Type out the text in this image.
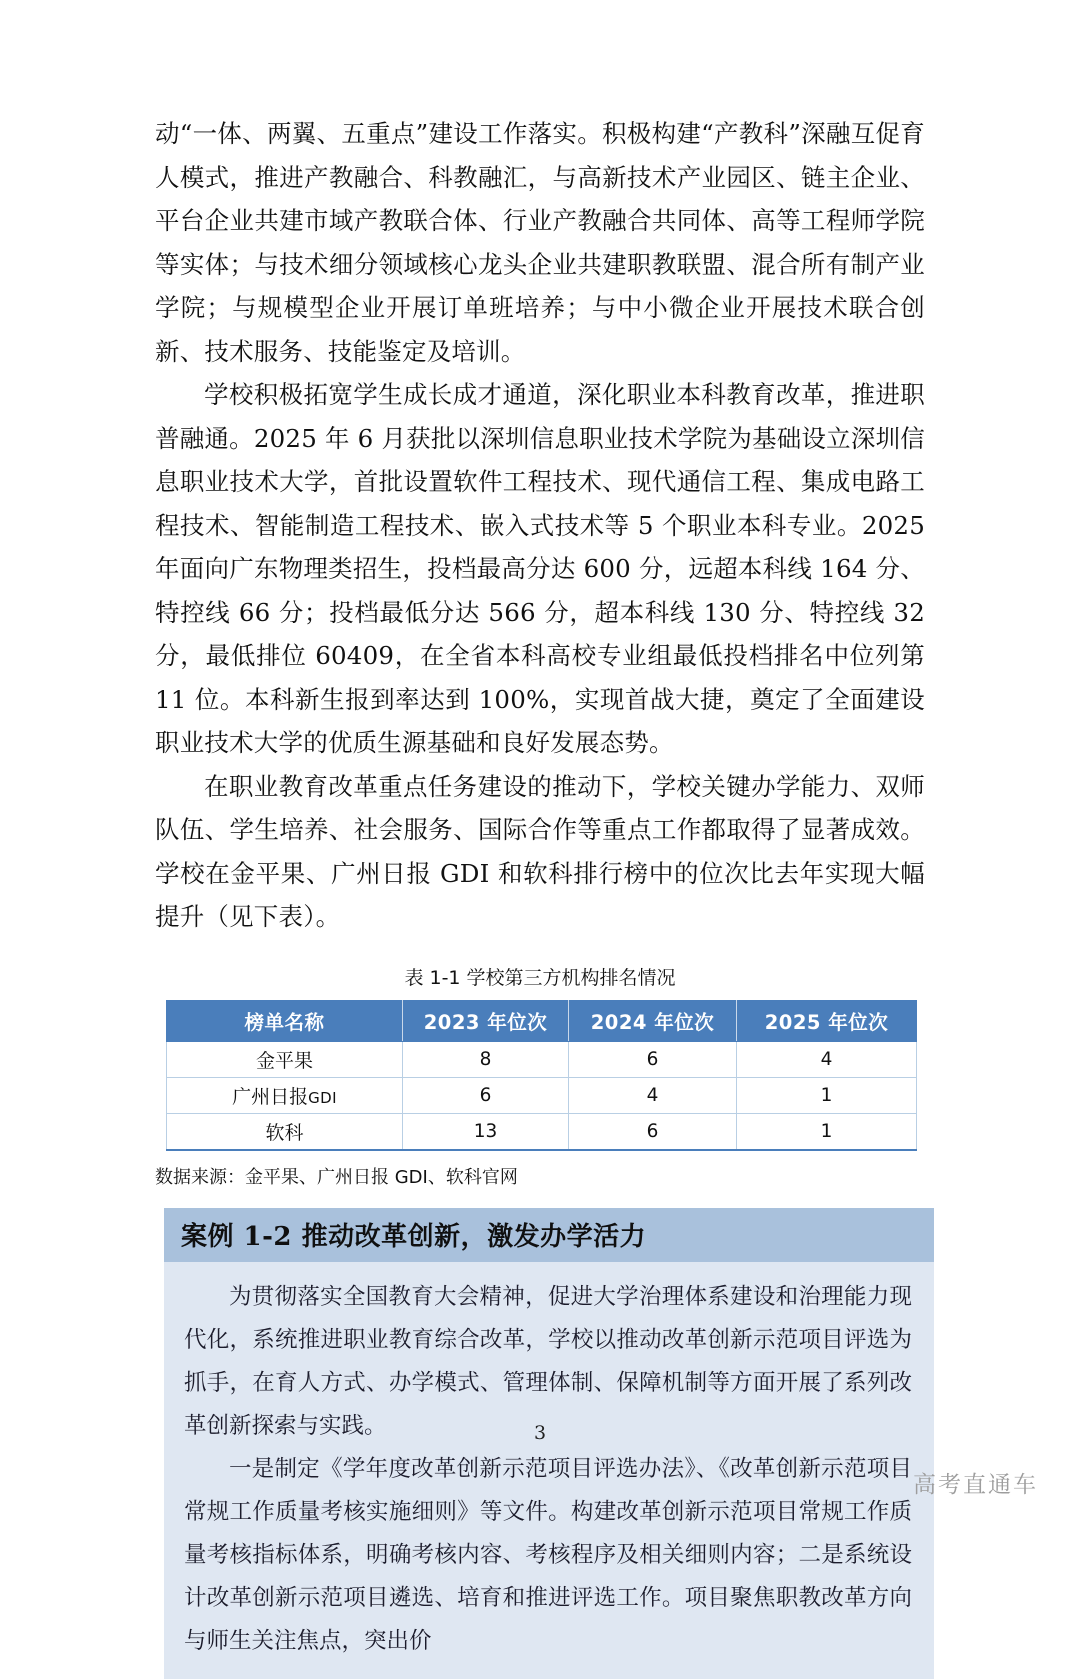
动“一体、两翼、五重点”建设工作落实。积极构建“产教科”深融互促育人模式，推进产教融合、科教融汇，与高新技术产业园区、链主企业、平台企业共建市域产教联合体、行业产教融合共同体、高等工程师学院等实体；与技术细分领域核心龙头企业共建职教联盟、混合所有制产业学院；与规模型企业开展订单班培养；与中小微企业开展技术联合创新、技术服务、技能鉴定及培训。

学校积极拓宽学生成长成才通道，深化职业本科教育改革，推进职普融通。2025 年 6 月获批以深圳信息职业技术学院为基础设立深圳信息职业技术大学，首批设置软件工程技术、现代通信工程、集成电路工程技术、智能制造工程技术、嵌入式技术等 5 个职业本科专业。2025 年面向广东物理类招生，投档最高分达 600 分，远超本科线 164 分、特控线 66 分；投档最低分达 566 分，超本科线 130 分、特控线 32 分，最低排位 60409，在全省本科高校专业组最低投档排名中位列第 11 位。本科新生报到率达到 100%，实现首战大捷，奠定了全面建设职业技术大学的优质生源基础和良好发展态势。

在职业教育改革重点任务建设的推动下，学校关键办学能力、双师队伍、学生培养、社会服务、国际合作等重点工作都取得了显著成效。学校在金平果、广州日报 GDI 和软科排行榜中的位次比去年实现大幅提升（见下表）。

表 1-1 学校第三方机构排名情况
榜单名称	2023 年位次	2024 年位次	2025 年位次
金平果	8	6	4
广州日报GDI	6	4	1
软科	13	6	1
数据来源：金平果、广州日报 GDI、软科官网
案例 1-2 推动改革创新，激发办学活力

为贯彻落实全国教育大会精神，促进大学治理体系建设和治理能力现代化，系统推进职业教育综合改革，学校以推动改革创新示范项目评选为抓手，在育人方式、办学模式、管理体制、保障机制等方面开展了系列改革创新探索与实践。

一是制定《学年度改革创新示范项目评选办法》、《改革创新示范项目常规工作质量考核实施细则》等文件。构建改革创新示范项目常规工作质量考核指标体系，明确考核内容、考核程序及相关细则内容；二是系统设计改革创新示范项目遴选、培育和推进评选工作。项目聚焦职教改革方向与师生关注焦点，突出价

3
高考直通车
